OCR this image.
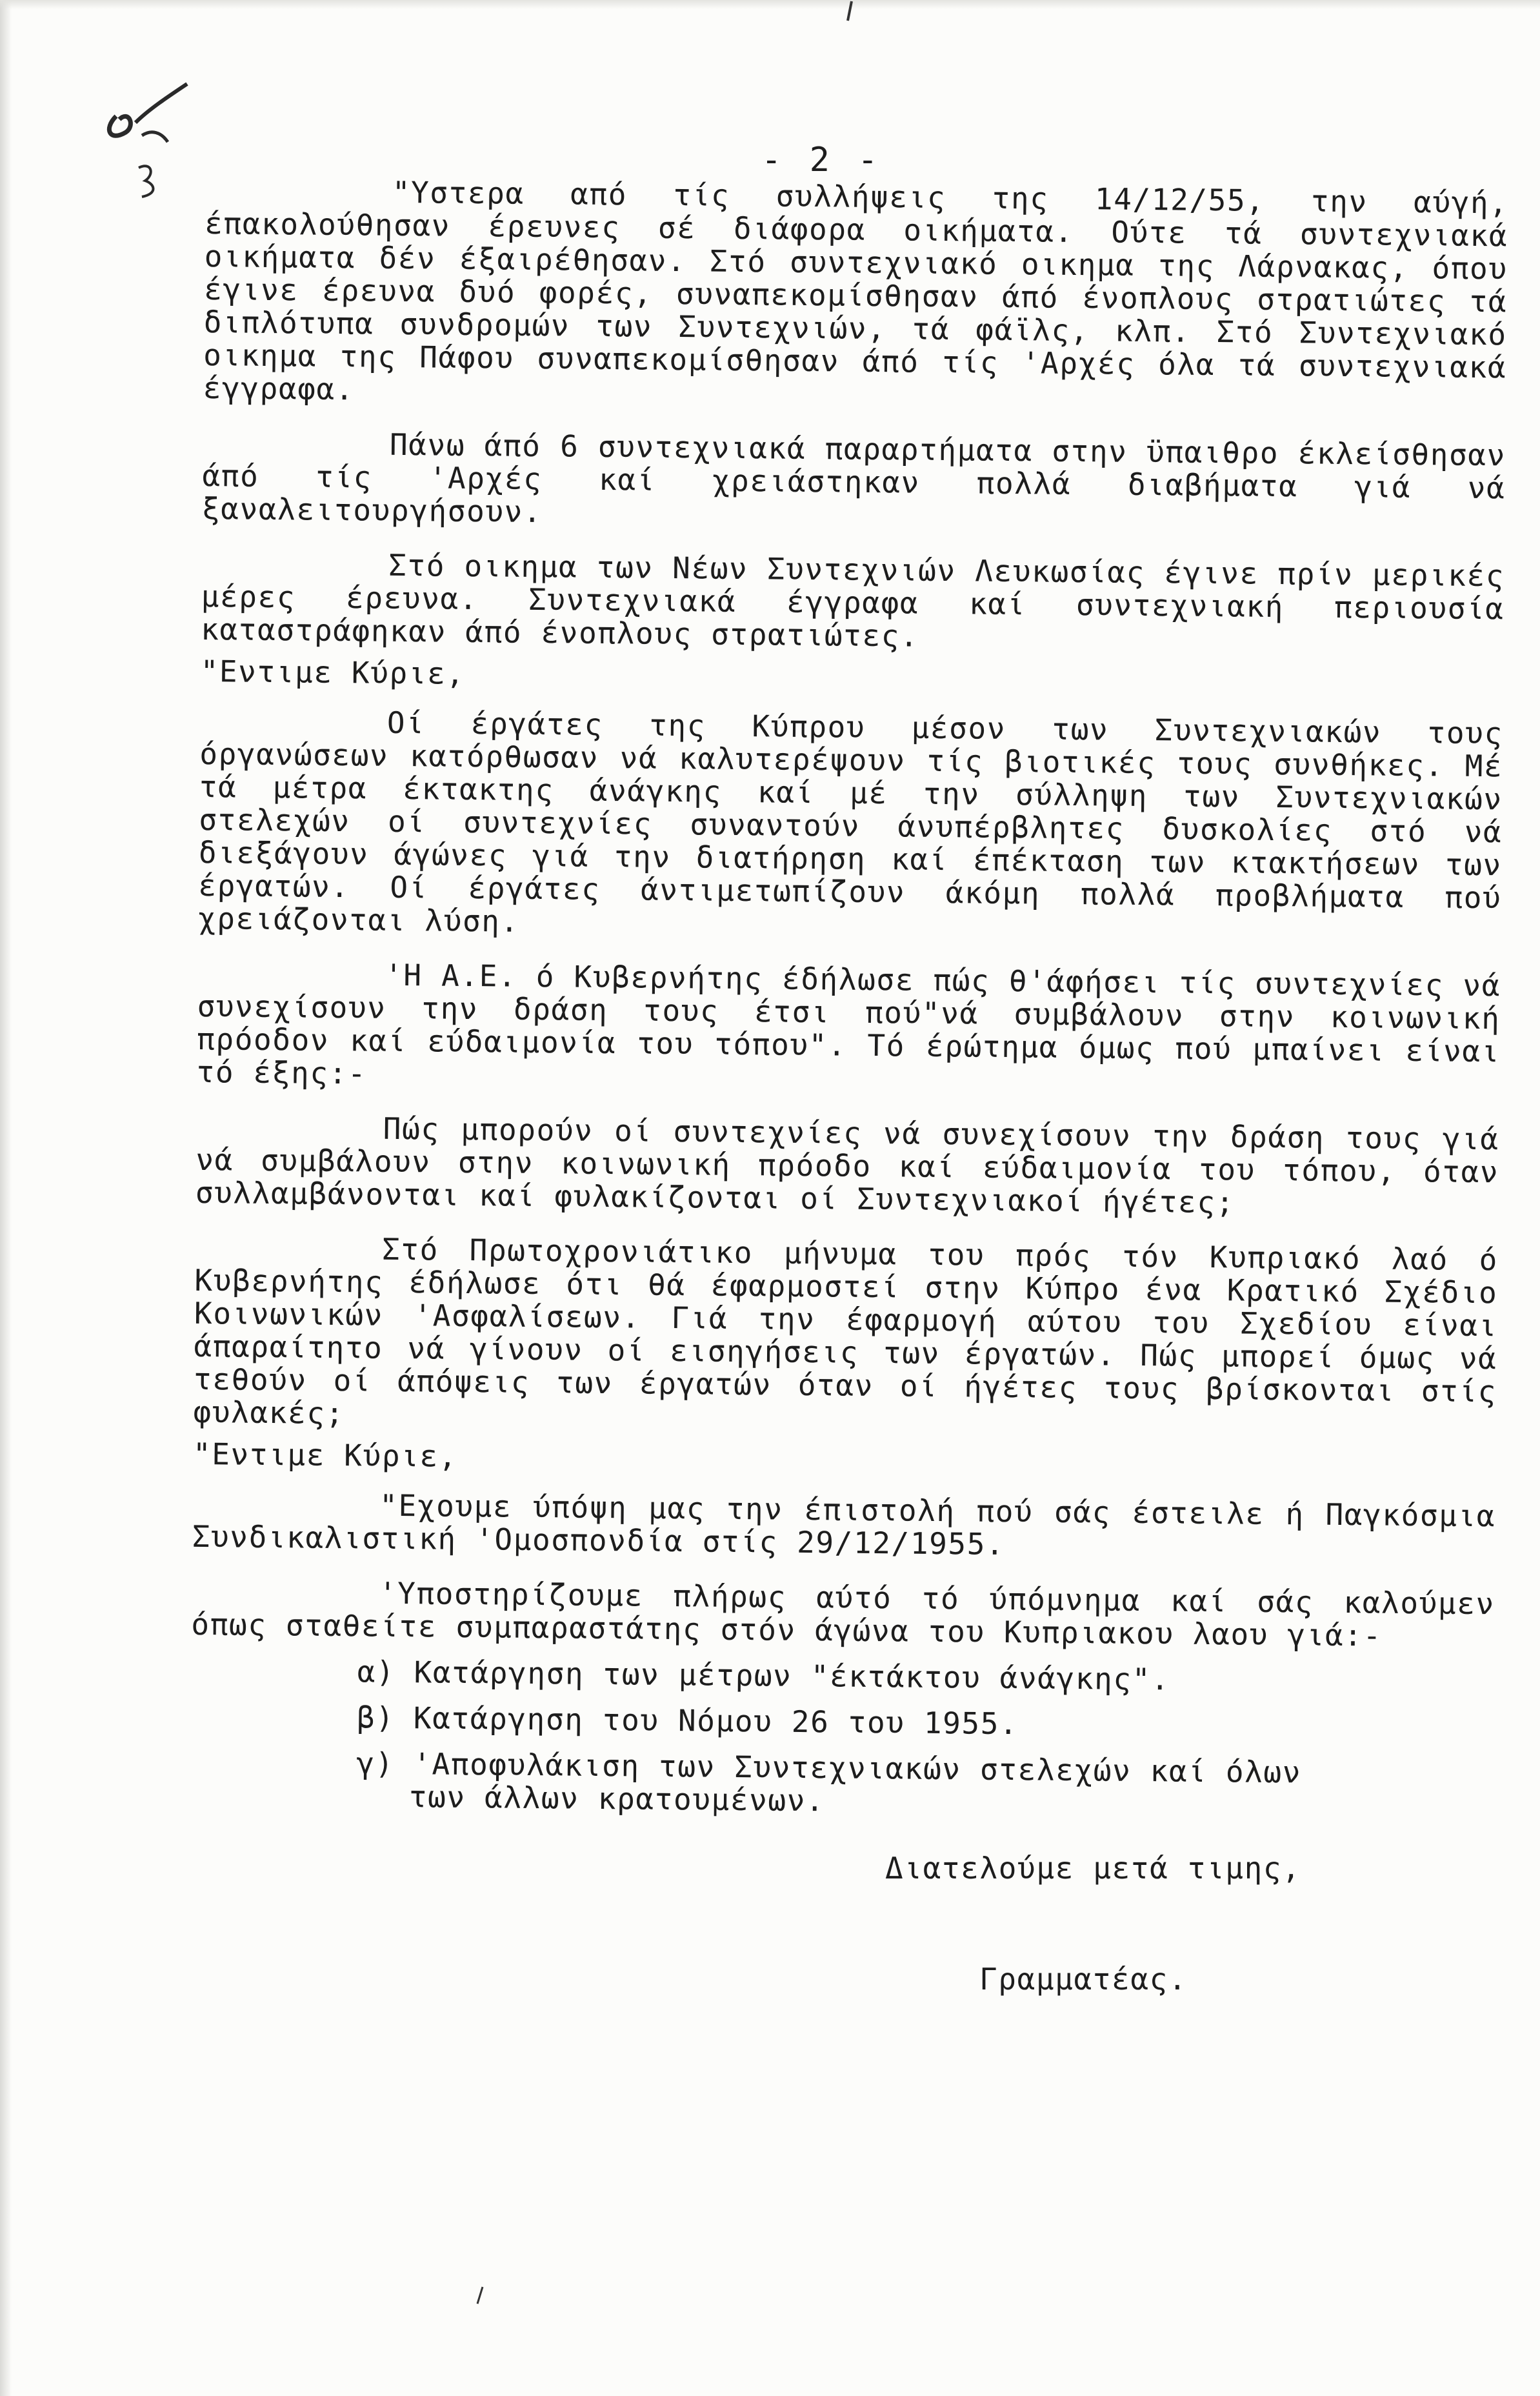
- 2 -

"Υστερα από τίς συλλήψεις της 14/12/55, την αύγή, έπακολούθησαν έρευνες σέ διάφορα οικήματα. Ούτε τά συντεχνιακά οικήματα δέν έξαιρέθησαν. Στό συντεχνιακό οικημα της Λάρνακας, όπου έγινε έρευνα δυό φορές, συναπεκομίσθησαν άπό ένοπλους στρατιώτες τά διπλότυπα συνδρομών των Συντεχνιών, τά φάϊλς, κλπ. Στό Συντεχνιακό οικημα της Πάφου συναπεκομίσθησαν άπό τίς 'Αρχές όλα τά συντεχνιακά έγγραφα.

Πάνω άπό 6 συντεχνιακά παραρτήματα στην ϋπαιθρο έκλείσθησαν άπό τίς 'Αρχές καί χρειάστηκαν πολλά διαβήματα γιά νά ξαναλειτουργήσουν.

Στό οικημα των Νέων Συντεχνιών Λευκωσίας έγινε πρίν μερικές μέρες έρευνα. Συντεχνιακά έγγραφα καί συντεχνιακή περιουσία καταστράφηκαν άπό ένοπλους στρατιώτες.

"Εντιμε Κύριε,

Οί έργάτες της Κύπρου μέσον των Συντεχνιακών τους όργανώσεων κατόρθωσαν νά καλυτερέψουν τίς βιοτικές τους συνθήκες. Μέ τά μέτρα έκτακτης άνάγκης καί μέ την σύλληψη των Συντεχνιακών στελεχών οί συντεχνίες συναντούν άνυπέρβλητες δυσκολίες στό νά διεξάγουν άγώνες γιά την διατήρηση καί έπέκταση των κτακτήσεων των έργατών. Οί έργάτες άντιμετωπίζουν άκόμη πολλά προβλήματα πού χρειάζονται λύση.

'Η Α.Ε. ό Κυβερνήτης έδήλωσε πώς θ'άφήσει τίς συντεχνίες νά συνεχίσουν την δράση τους έτσι πού"νά συμβάλουν στην κοινωνική πρόοδον καί εύδαιμονία του τόπου". Τό έρώτημα όμως πού μπαίνει είναι τό έξης:-

Πώς μπορούν οί συντεχνίες νά συνεχίσουν την δράση τους γιά νά συμβάλουν στην κοινωνική πρόοδο καί εύδαιμονία του τόπου, όταν συλλαμβάνονται καί φυλακίζονται οί Συντεχνιακοί ήγέτες;

Στό Πρωτοχρονιάτικο μήνυμα του πρός τόν Κυπριακό λαό ό Κυβερνήτης έδήλωσε ότι θά έφαρμοστεί στην Κύπρο ένα Κρατικό Σχέδιο Κοινωνικών 'Ασφαλίσεων. Γιά την έφαρμογή αύτου του Σχεδίου είναι άπαραίτητο νά γίνουν οί εισηγήσεις των έργατών. Πώς μπορεί όμως νά τεθούν οί άπόψεις των έργατών όταν οί ήγέτες τους βρίσκονται στίς φυλακές;

"Εντιμε Κύριε,

"Εχουμε ύπόψη μας την έπιστολή πού σάς έστειλε ή Παγκόσμια Συνδικαλιστική 'Ομοσπονδία στίς 29/12/1955.

'Υποστηρίζουμε πλήρως αύτό τό ύπόμνημα καί σάς καλούμεν όπως σταθείτε συμπαραστάτης στόν άγώνα του Κυπριακου λαου γιά:-

α) Κατάργηση των μέτρων "έκτάκτου άνάγκης".
β) Κατάργηση του Νόμου 26 του 1955.
γ) 'Αποφυλάκιση των Συντεχνιακών στελεχών καί όλων
των άλλων κρατουμένων.
Διατελούμε μετά τιμης,
Γραμματέας.
